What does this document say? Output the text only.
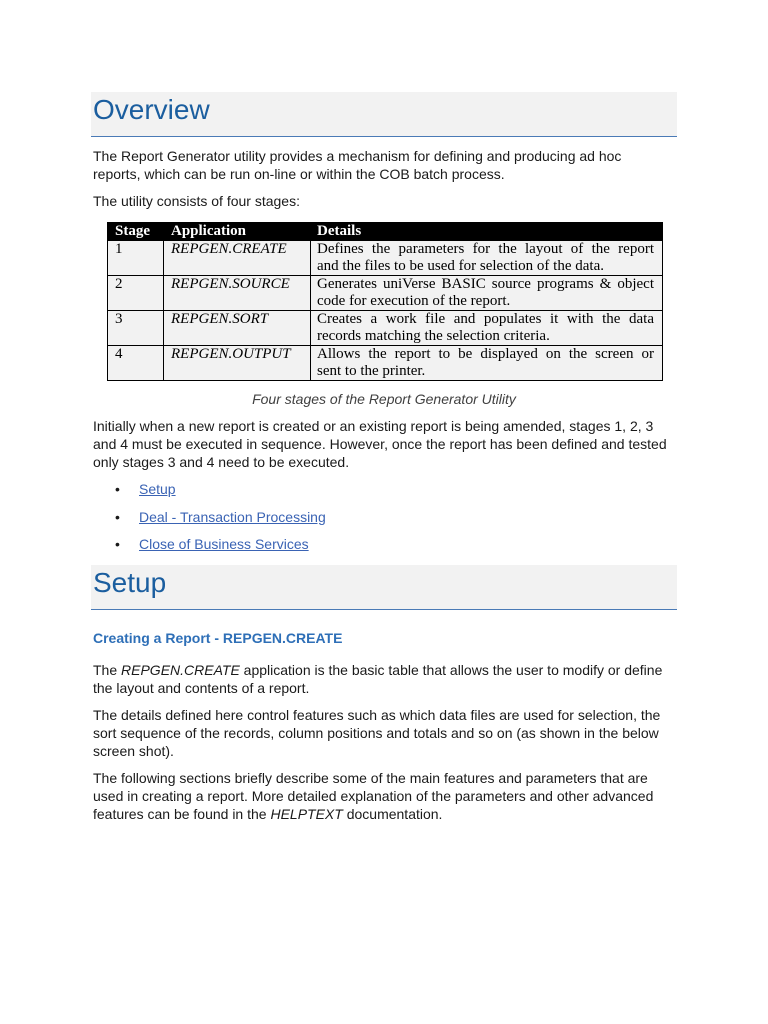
Overview
The Report Generator utility provides a mechanism for defining and producing ad hoc
reports, which can be run on-line or within the COB batch process.
The utility consists of four stages:
Stage	Application	Details
1	REPGEN.CREATE	Defines the parameters for the layout of the report
and the files to be used for selection of the data.
2	REPGEN.SOURCE	Generates uniVerse BASIC source programs & object
code for execution of the report.
3	REPGEN.SORT	Creates a work file and populates it with the data
records matching the selection criteria.
4	REPGEN.OUTPUT	Allows the report to be displayed on the screen or
sent to the printer.
Four stages of the Report Generator Utility
Initially when a new report is created or an existing report is being amended, stages 1, 2, 3
and 4 must be executed in sequence. However, once the report has been defined and tested
only stages 3 and 4 need to be executed.
•
Setup
•
Deal - Transaction Processing
•
Close of Business Services
Setup
Creating a Report - REPGEN.CREATE
The REPGEN.CREATE application is the basic table that allows the user to modify or define
the layout and contents of a report.
The details defined here control features such as which data files are used for selection, the
sort sequence of the records, column positions and totals and so on (as shown in the below
screen shot).
The following sections briefly describe some of the main features and parameters that are
used in creating a report. More detailed explanation of the parameters and other advanced
features can be found in the HELPTEXT documentation.
